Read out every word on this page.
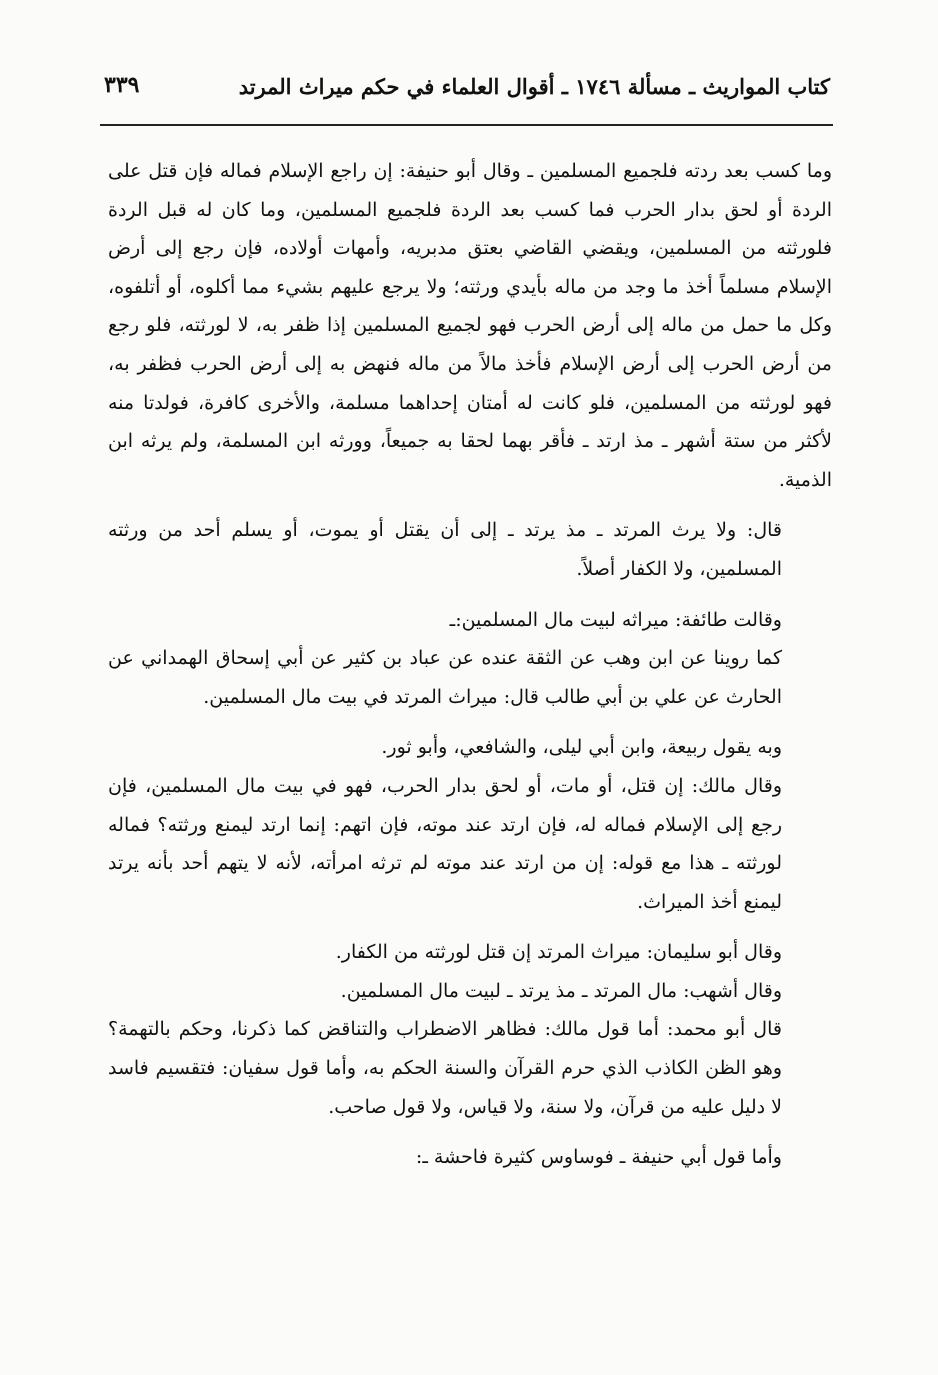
كتاب المواريث ـ مسألة ١٧٤٦ ـ أقوال العلماء في حكم ميراث المرتد
٣٣٩

وما كسب بعد ردته فلجميع المسلمين ـ وقال أبو حنيفة: إن راجع الإسلام فماله فإن قتل على الردة أو لحق بدار الحرب فما كسب بعد الردة فلجميع المسلمين، وما كان له قبل الردة فلورثته من المسلمين، ويقضي القاضي بعتق مدبريه، وأمهات أولاده، فإن رجع إلى أرض الإسلام مسلماً أخذ ما وجد من ماله بأيدي ورثته؛ ولا يرجع عليهم بشيء مما أكلوه، أو أتلفوه، وكل ما حمل من ماله إلى أرض الحرب فهو لجميع المسلمين إذا ظفر به، لا لورثته، فلو رجع من أرض الحرب إلى أرض الإسلام فأخذ مالاً من ماله فنهض به إلى أرض الحرب فظفر به، فهو لورثته من المسلمين، فلو كانت له أمتان إحداهما مسلمة، والأخرى كافرة، فولدتا منه لأكثر من ستة أشهر ـ مذ ارتد ـ فأقر بهما لحقا به جميعاً، وورثه ابن المسلمة، ولم يرثه ابن الذمية.

قال: ولا يرث المرتد ـ مذ يرتد ـ إلى أن يقتل أو يموت، أو يسلم أحد من ورثته المسلمين، ولا الكفار أصلاً.

وقالت طائفة: ميراثه لبيت مال المسلمين:ـ

كما روينا عن ابن وهب عن الثقة عنده عن عباد بن كثير عن أبي إسحاق الهمداني عن الحارث عن علي بن أبي طالب قال: ميراث المرتد في بيت مال المسلمين.

وبه يقول ربيعة، وابن أبي ليلى، والشافعي، وأبو ثور.

وقال مالك: إن قتل، أو مات، أو لحق بدار الحرب، فهو في بيت مال المسلمين، فإن رجع إلى الإسلام فماله له، فإن ارتد عند موته، فإن اتهم: إنما ارتد ليمنع ورثته؟ فماله لورثته ـ هذا مع قوله: إن من ارتد عند موته لم ترثه امرأته، لأنه لا يتهم أحد بأنه يرتد ليمنع أخذ الميراث.

وقال أبو سليمان: ميراث المرتد إن قتل لورثته من الكفار.

وقال أشهب: مال المرتد ـ مذ يرتد ـ لبيت مال المسلمين.

قال أبو محمد: أما قول مالك: فظاهر الاضطراب والتناقض كما ذكرنا، وحكم بالتهمة؟ وهو الظن الكاذب الذي حرم القرآن والسنة الحكم به، وأما قول سفيان: فتقسيم فاسد لا دليل عليه من قرآن، ولا سنة، ولا قياس، ولا قول صاحب.

وأما قول أبي حنيفة ـ فوساوس كثيرة فاحشة ـ:
